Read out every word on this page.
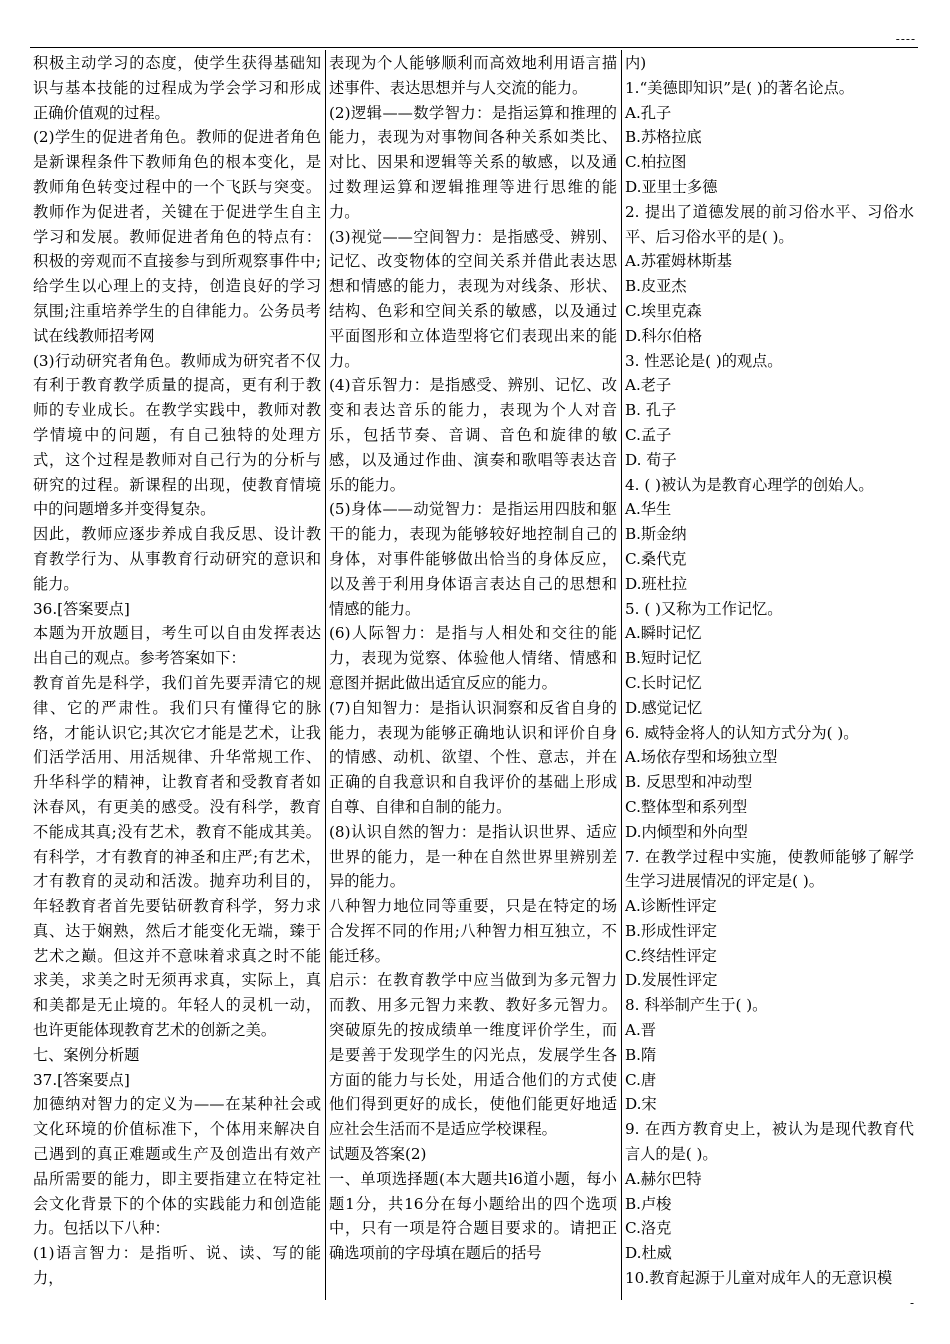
----

积极主动学习的态度，使学生获得基础知识与基本技能的过程成为学会学习和形成正确价值观的过程。

(2)学生的促进者角色。教师的促进者角色是新课程条件下教师角色的根本变化，是教师角色转变过程中的一个飞跃与突变。教师作为促进者，关键在于促进学生自主学习和发展。教师促进者角色的特点有：积极的旁观而不直接参与到所观察事件中;给学生以心理上的支持，创造良好的学习氛围;注重培养学生的自律能力。公务员考试在线教师招考网

(3)行动研究者角色。教师成为研究者不仅有利于教育教学质量的提高，更有利于教师的专业成长。在教学实践中，教师对教学情境中的问题，有自己独特的处理方式，这个过程是教师对自己行为的分析与研究的过程。新课程的出现，使教育情境中的问题增多并变得复杂。

因此，教师应逐步养成自我反思、设计教育教学行为、从事教育行动研究的意识和能力。

36.[答案要点]

本题为开放题目，考生可以自由发挥表达出自己的观点。参考答案如下：

教育首先是科学，我们首先要弄清它的规律、它的严肃性。我们只有懂得它的脉络，才能认识它;其次它才能是艺术，让我们活学活用、用活规律、升华常规工作、升华科学的精神，让教育者和受教育者如沐春风，有更美的感受。没有科学，教育不能成其真;没有艺术，教育不能成其美。有科学，才有教育的神圣和庄严;有艺术，才有教育的灵动和活泼。抛弃功利目的，年轻教育者首先要钻研教育科学，努力求真、达于娴熟，然后才能变化无端，臻于艺术之巅。但这并不意味着求真之时不能求美，求美之时无须再求真，实际上，真和美都是无止境的。年轻人的灵机一动，也许更能体现教育艺术的创新之美。

七、案例分析题

37.[答案要点]

加德纳对智力的定义为——在某种社会或文化环境的价值标准下，个体用来解决自己遇到的真正难题或生产及创造出有效产品所需要的能力，即主要指建立在特定社会文化背景下的个体的实践能力和创造能力。包括以下八种：

(1)语言智力：是指听、说、读、写的能力，

表现为个人能够顺利而高效地利用语言描述事件、表达思想并与人交流的能力。

(2)逻辑——数学智力：是指运算和推理的能力，表现为对事物间各种关系如类比、对比、因果和逻辑等关系的敏感，以及通过数理运算和逻辑推理等进行思维的能力。

(3)视觉——空间智力：是指感受、辨别、记忆、改变物体的空间关系并借此表达思想和情感的能力，表现为对线条、形状、结构、色彩和空间关系的敏感，以及通过平面图形和立体造型将它们表现出来的能力。

(4)音乐智力：是指感受、辨别、记忆、改变和表达音乐的能力，表现为个人对音乐，包括节奏、音调、音色和旋律的敏感，以及通过作曲、演奏和歌唱等表达音乐的能力。

(5)身体——动觉智力：是指运用四肢和躯干的能力，表现为能够较好地控制自己的身体，对事件能够做出恰当的身体反应，以及善于利用身体语言表达自己的思想和情感的能力。

(6)人际智力：是指与人相处和交往的能力，表现为觉察、体验他人情绪、情感和意图并据此做出适宜反应的能力。

(7)自知智力：是指认识洞察和反省自身的能力，表现为能够正确地认识和评价自身的情感、动机、欲望、个性、意志，并在正确的自我意识和自我评价的基础上形成自尊、自律和自制的能力。

(8)认识自然的智力：是指认识世界、适应世界的能力，是一种在自然世界里辨别差异的能力。

八种智力地位同等重要，只是在特定的场合发挥不同的作用;八种智力相互独立，不能迁移。

启示：在教育教学中应当做到为多元智力而教、用多元智力来教、教好多元智力。突破原先的按成绩单一维度评价学生，而是要善于发现学生的闪光点，发展学生各方面的能力与长处，用适合他们的方式使他们得到更好的成长，使他们能更好地适应社会生活而不是适应学校课程。

试题及答案(2)

一、单项选择题(本大题共l6道小题，每小题1分，共16分在每小题给出的四个选项中，只有一项是符合题目要求的。请把正确选项前的字母填在题后的括号

内)

1.“美德即知识”是( )的著名论点。

A.孔子

B.苏格拉底

C.柏拉图

D.亚里士多德

2. 提出了道德发展的前习俗水平、习俗水平、后习俗水平的是( )。

A.苏霍姆林斯基

B.皮亚杰

C.埃里克森

D.科尔伯格

3. 性恶论是( )的观点。

A.老子

B. 孔子

C.孟子

D. 荀子

4. ( )被认为是教育心理学的创始人。

A.华生

B.斯金纳

C.桑代克

D.班杜拉

5. ( )又称为工作记忆。

A.瞬时记忆

B.短时记忆

C.长时记忆

D.感觉记忆

6. 威特金将人的认知方式分为( )。

A.场依存型和场独立型

B. 反思型和冲动型

C.整体型和系列型

D.内倾型和外向型

7. 在教学过程中实施，使教师能够了解学生学习进展情况的评定是( )。

A.诊断性评定

B.形成性评定

C.终结性评定

D.发展性评定

8. 科举制产生于( )。

A.晋

B.隋

C.唐

D.宋

9. 在西方教育史上，被认为是现代教育代言人的是( )。

A.赫尔巴特

B.卢梭

C.洛克

D.杜威

10.教育起源于儿童对成年人的无意识模

-
